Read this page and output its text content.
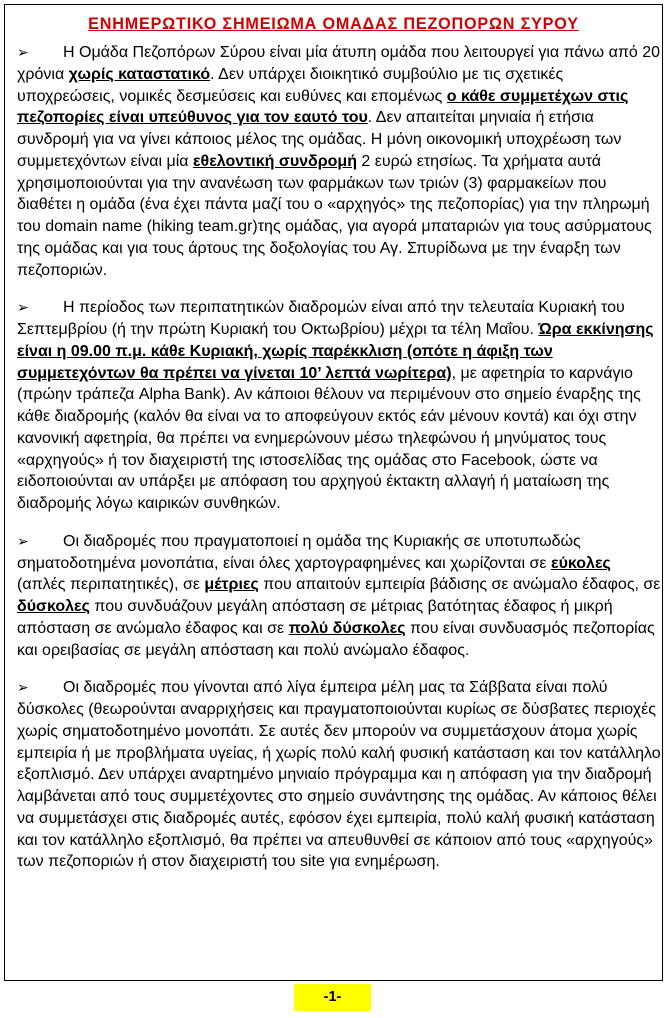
ΕΝΗΜΕΡΩΤΙΚΟ ΣΗΜΕΙΩΜΑ ΟΜΑΔΑΣ ΠΕΖΟΠΟΡΩΝ ΣΥΡΟΥ

➢ Η Ομάδα Πεζοπόρων Σύρου είναι μία άτυπη ομάδα που λειτουργεί για πάνω από 20 χρόνια χωρίς καταστατικό. Δεν υπάρχει διοικητικό συμβούλιο με τις σχετικές υποχρεώσεις, νομικές δεσμεύσεις και ευθύνες και επομένως ο κάθε συμμετέχων στις πεζοπορίες είναι υπεύθυνος για τον εαυτό του. Δεν απαιτείται μηνιαία ή ετήσια συνδρομή για να γίνει κάποιος μέλος της ομάδας. Η μόνη οικονομική υποχρέωση των συμμετεχόντων είναι μία εθελοντική συνδρομή 2 ευρώ ετησίως. Τα χρήματα αυτά χρησιμοποιούνται για την ανανέωση των φαρμάκων των τριών (3) φαρμακείων που διαθέτει η ομάδα (ένα έχει πάντα μαζί του ο «αρχηγός» της πεζοπορίας) για την πληρωμή του domain name (hiking team.gr)της ομάδας, για αγορά μπαταριών για τους ασύρματους της ομάδας και για τους άρτους της δοξολογίας του Αγ. Σπυρίδωνα με την έναρξη των πεζοποριών.

➢ Η περίοδος των περιπατητικών διαδρομών είναι από την τελευταία Κυριακή του Σεπτεμβρίου (ή την πρώτη Κυριακή του Οκτωβρίου) μέχρι τα τέλη Μαΐου. Ώρα εκκίνησης είναι η 09.00 π.μ. κάθε Κυριακή, χωρίς παρέκκλιση (οπότε η άφιξη των συμμετεχόντων θα πρέπει να γίνεται 10’ λεπτά νωρίτερα), με αφετηρία το καρνάγιο (πρώην τράπεζα Alpha Bank). Αν κάποιοι θέλουν να περιμένουν στο σημείο έναρξης της κάθε διαδρομής (καλόν θα είναι να το αποφεύγουν εκτός εάν μένουν κοντά) και όχι στην κανονική αφετηρία, θα πρέπει να ενημερώνουν μέσω τηλεφώνου ή μηνύματος τους «αρχηγούς» ή τον διαχειριστή της ιστοσελίδας της ομάδας στο Facebook, ώστε να ειδοποιούνται αν υπάρξει με απόφαση του αρχηγού έκτακτη αλλαγή ή ματαίωση της διαδρομής λόγω καιρικών συνθηκών.

➢ Οι διαδρομές που πραγματοποιεί η ομάδα της Κυριακής σε υποτυπωδώς σηματοδοτημένα μονοπάτια, είναι όλες χαρτογραφημένες και χωρίζονται σε εύκολες (απλές περιπατητικές), σε μέτριες που απαιτούν εμπειρία βάδισης σε ανώμαλο έδαφος, σε δύσκολες που συνδυάζουν μεγάλη απόσταση σε μέτριας βατότητας έδαφος ή μικρή απόσταση σε ανώμαλο έδαφος και σε πολύ δύσκολες που είναι συνδυασμός πεζοπορίας και ορειβασίας σε μεγάλη απόσταση και πολύ ανώμαλο έδαφος.

➢ Οι διαδρομές που γίνονται από λίγα έμπειρα μέλη μας τα Σάββατα είναι πολύ δύσκολες (θεωρούνται αναρριχήσεις και πραγματοποιούνται κυρίως σε δύσβατες περιοχές χωρίς σηματοδοτημένο μονοπάτι. Σε αυτές δεν μπορούν να συμμετάσχουν άτομα χωρίς εμπειρία ή με προβλήματα υγείας, ή χωρίς πολύ καλή φυσική κατάσταση και τον κατάλληλο εξοπλισμό. Δεν υπάρχει αναρτημένο μηνιαίο πρόγραμμα και η απόφαση για την διαδρομή λαμβάνεται από τους συμμετέχοντες στο σημείο συνάντησης της ομάδας. Αν κάποιος θέλει να συμμετάσχει στις διαδρομές αυτές, εφόσον έχει εμπειρία, πολύ καλή φυσική κατάσταση και τον κατάλληλο εξοπλισμό, θα πρέπει να απευθυνθεί σε κάποιον από τους «αρχηγούς» των πεζοποριών ή στον διαχειριστή του site για ενημέρωση.

-1-
